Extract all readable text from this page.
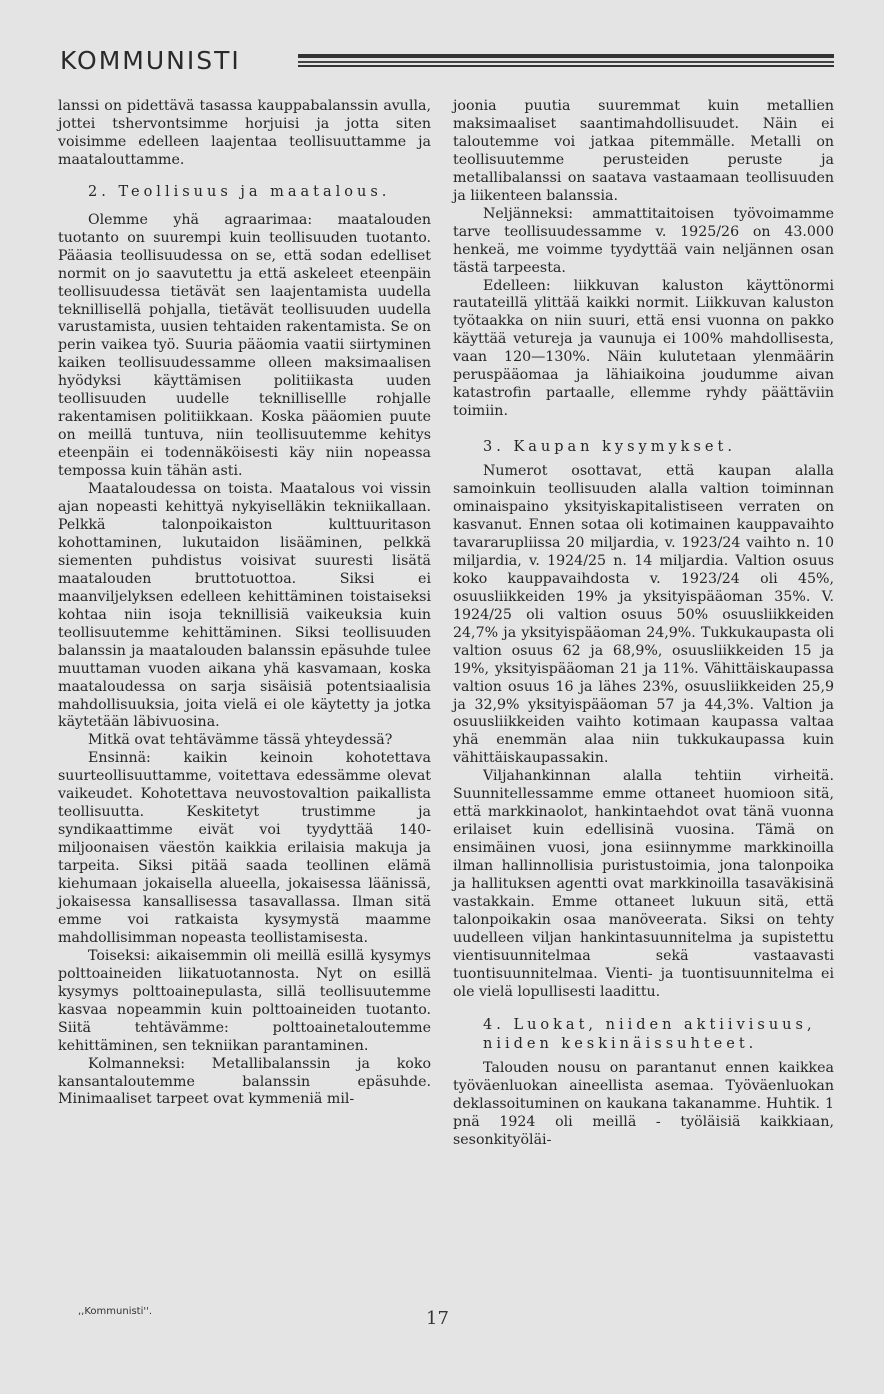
KOMMUNISTI

lanssi on pidettävä tasassa kauppabalanssin avulla, jottei tshervontsimme horjuisi ja jotta siten voisimme edelleen laajentaa teollisuuttamme ja maatalouttamme.

2. Teollisuus ja maatalous.

Olemme yhä agraarimaa: maatalouden tuotanto on suurempi kuin teollisuuden tuotanto. Pääasia teollisuudessa on se, että sodan edelliset normit on jo saavutettu ja että askeleet eteenpäin teollisuudessa tietävät sen laajentamista uudella teknillisellä pohjalla, tietävät teollisuuden uudella varustamista, uusien tehtaiden rakentamista. Se on perin vaikea työ. Suuria pääomia vaatii siirtyminen kaiken teollisuudessamme olleen maksimaalisen hyödyksi käyttämisen politiikasta uuden teollisuuden uudelle teknillisellle rohjalle rakentamisen politiikkaan. Koska pääomien puute on meillä tuntuva, niin teollisuutemme kehitys eteenpäin ei todennäköisesti käy niin nopeassa tempossa kuin tähän asti.

Maataloudessa on toista. Maatalous voi vissin ajan nopeasti kehittyä nykyiselläkin tekniikallaan. Pelkkä talonpoikaiston kulttuuritason kohottaminen, lukutaidon lisääminen, pelkkä siementen puhdistus voisivat suuresti lisätä maatalouden bruttotuottoa. Siksi ei maanviljelyksen edelleen kehittäminen toistaiseksi kohtaa niin isoja teknillisiä vaikeuksia kuin teollisuutemme kehittäminen. Siksi teollisuuden balanssin ja maatalouden balanssin epäsuhde tulee muuttaman vuoden aikana yhä kasvamaan, koska maataloudessa on sarja sisäisiä potentsiaalisia mahdollisuuksia, joita vielä ei ole käytetty ja jotka käytetään läbivuosina.

Mitkä ovat tehtävämme tässä yhteydessä?

Ensinnä: kaikin keinoin kohotettava suurteollisuuttamme, voitettava edessämme olevat vaikeudet. Kohotettava neuvostovaltion paikallista teollisuutta. Keskitetyt trustimme ja syndikaattimme eivät voi tyydyttää 140-miljoonaisen väestön kaikkia erilaisia makuja ja tarpeita. Siksi pitää saada teollinen elämä kiehumaan jokaisella alueella, jokaisessa läänissä, jokaisessa kansallisessa tasavallassa. Ilman sitä emme voi ratkaista kysymystä maamme mahdollisimman nopeasta teollistamisesta.

Toiseksi: aikaisemmin oli meillä esillä kysymys polttoaineiden liikatuotannosta. Nyt on esillä kysymys polttoainepulasta, sillä teollisuutemme kasvaa nopeammin kuin polttoaineiden tuotanto. Siitä tehtävämme: polttoainetaloutemme kehittäminen, sen tekniikan parantaminen.

Kolmanneksi: Metallibalanssin ja koko kansantaloutemme balanssin epäsuhde. Minimaaliset tarpeet ovat kymmeniä mil-

joonia puutia suuremmat kuin metallien maksimaaliset saantimahdollisuudet. Näin ei taloutemme voi jatkaa pitemmälle. Metalli on teollisuutemme perusteiden peruste ja metallibalanssi on saatava vastaamaan teollisuuden ja liikenteen balanssia.

Neljänneksi: ammattitaitoisen työvoimamme tarve teollisuudessamme v. 1925/26 on 43.000 henkeä, me voimme tyydyttää vain neljännen osan tästä tarpeesta.

Edelleen: liikkuvan kaluston käyttönormi rautateillä ylittää kaikki normit. Liikkuvan kaluston työtaakka on niin suuri, että ensi vuonna on pakko käyttää vetureja ja vaunuja ei 100% mahdollisesta, vaan 120—130%. Näin kulutetaan ylenmäärin peruspääomaa ja lähiaikoina joudumme aivan katastrofin partaalle, ellemme ryhdy päättäviin toimiin.

3. Kaupan kysymykset.

Numerot osottavat, että kaupan alalla samoinkuin teollisuuden alalla valtion toiminnan ominaispaino yksityiskapitalistiseen verraten on kasvanut. Ennen sotaa oli kotimainen kauppavaihto tavararupliissa 20 miljardia, v. 1923/24 vaihto n. 10 miljardia, v. 1924/25 n. 14 miljardia. Valtion osuus koko kauppavaihdosta v. 1923/24 oli 45%, osuusliikkeiden 19% ja yksityispääoman 35%. V. 1924/25 oli valtion osuus 50% osuusliikkeiden 24,7% ja yksityispääoman 24,9%. Tukkukaupasta oli valtion osuus 62 ja 68,9%, osuusliikkeiden 15 ja 19%, yksityispääoman 21 ja 11%. Vähittäiskaupassa valtion osuus 16 ja lähes 23%, osuusliikkeiden 25,9 ja 32,9% yksityispääoman 57 ja 44,3%. Valtion ja osuusliikkeiden vaihto kotimaan kaupassa valtaa yhä enemmän alaa niin tukkukaupassa kuin vähittäiskaupassakin.

Viljahankinnan alalla tehtiin virheitä. Suunnitellessamme emme ottaneet huomioon sitä, että markkinaolot, hankintaehdot ovat tänä vuonna erilaiset kuin edellisinä vuosina. Tämä on ensimäinen vuosi, jona esiinnymme markkinoilla ilman hallinnollisia puristustoimia, jona talonpoika ja hallituksen agentti ovat markkinoilla tasaväkisinä vastakkain. Emme ottaneet lukuun sitä, että talonpoikakin osaa manöveerata. Siksi on tehty uudelleen viljan hankintasuunnitelma ja supistettu vientisuunnitelmaa sekä vastaavasti tuontisuunnitelmaa. Vienti- ja tuontisuunnitelma ei ole vielä lopullisesti laadittu.

4. Luokat, niiden aktiivisuus, niiden keskinäissuhteet.

Talouden nousu on parantanut ennen kaikkea työväenluokan aineellista asemaa. Työväenluokan deklassoituminen on kaukana takanamme. Huhtik. 1 pnä 1924 oli meillä - työläisiä kaikkiaan, sesonkityöläi-

,,Kommunisti''.	17
